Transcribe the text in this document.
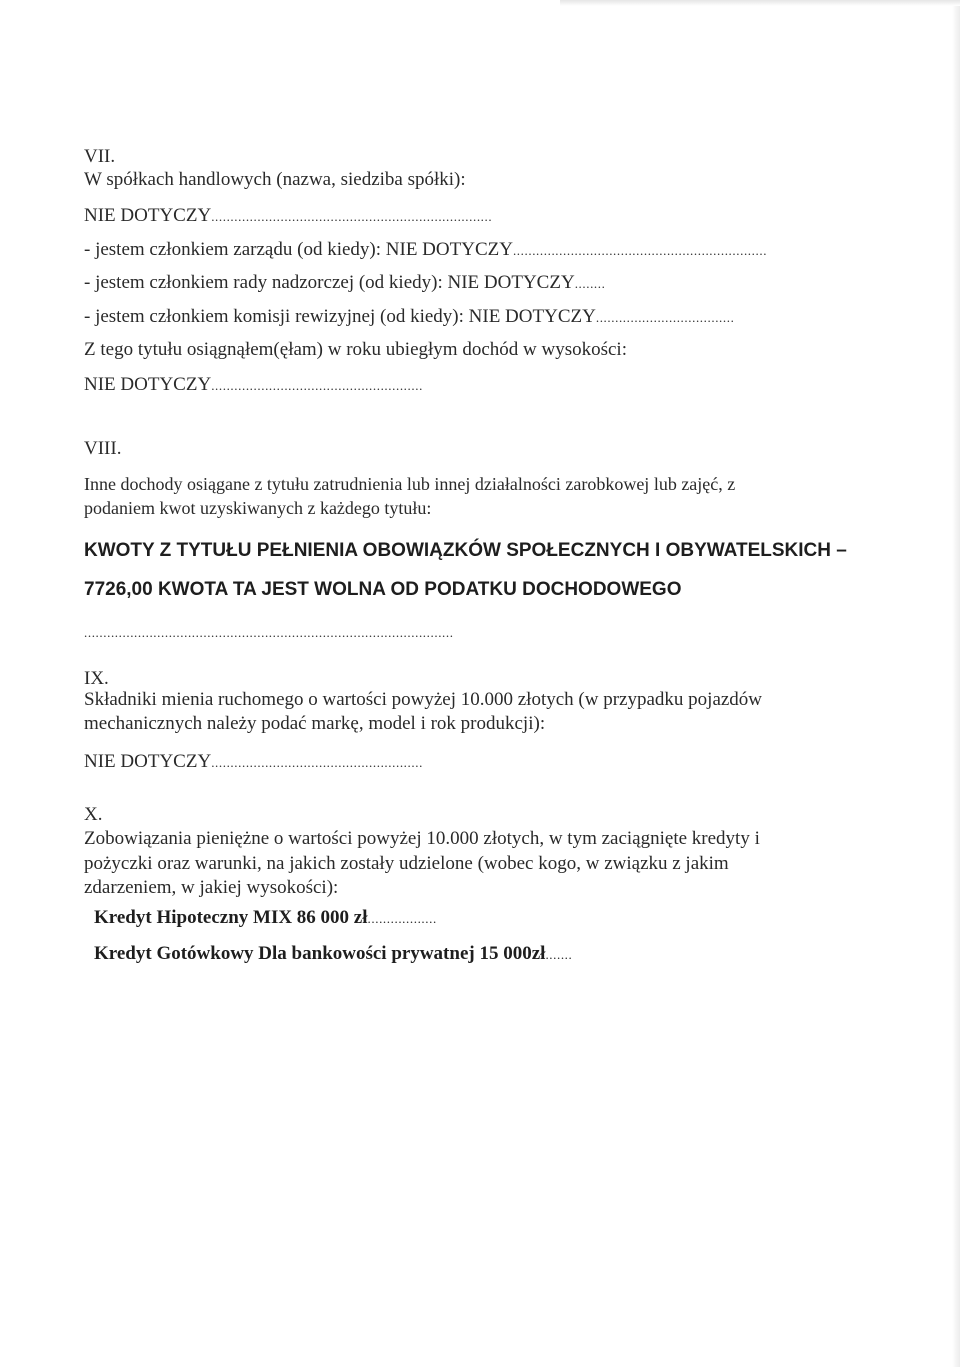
VII.
W spółkach handlowych (nazwa, siedziba spółki):
NIE DOTYCZY.........................................................................
- jestem członkiem zarządu (od kiedy): NIE DOTYCZY..................................................................
- jestem członkiem rady nadzorczej (od kiedy): NIE DOTYCZY........
- jestem członkiem komisji rewizyjnej (od kiedy): NIE DOTYCZY....................................
Z tego tytułu osiągnąłem(ęłam) w roku ubiegłym dochód w wysokości:
NIE DOTYCZY.......................................................
VIII.
Inne dochody osiągane z tytułu zatrudnienia lub innej działalności zarobkowej lub zajęć, z
podaniem kwot uzyskiwanych z każdego tytułu:
KWOTY Z TYTUŁU PEŁNIENIA OBOWIĄZKÓW SPOŁECZNYCH I OBYWATELSKICH –
7726,00 KWOTA TA JEST WOLNA OD PODATKU DOCHODOWEGO
................................................................................................
IX.
Składniki mienia ruchomego o wartości powyżej 10.000 złotych (w przypadku pojazdów
mechanicznych należy podać markę, model i rok produkcji):
NIE DOTYCZY.......................................................
X.
Zobowiązania pieniężne o wartości powyżej 10.000 złotych, w tym zaciągnięte kredyty i
pożyczki oraz warunki, na jakich zostały udzielone (wobec kogo, w związku z jakim
zdarzeniem, w jakiej wysokości):
Kredyt Hipoteczny MIX 86 000 zł..................
Kredyt Gotówkowy Dla bankowości prywatnej 15 000zł.......
